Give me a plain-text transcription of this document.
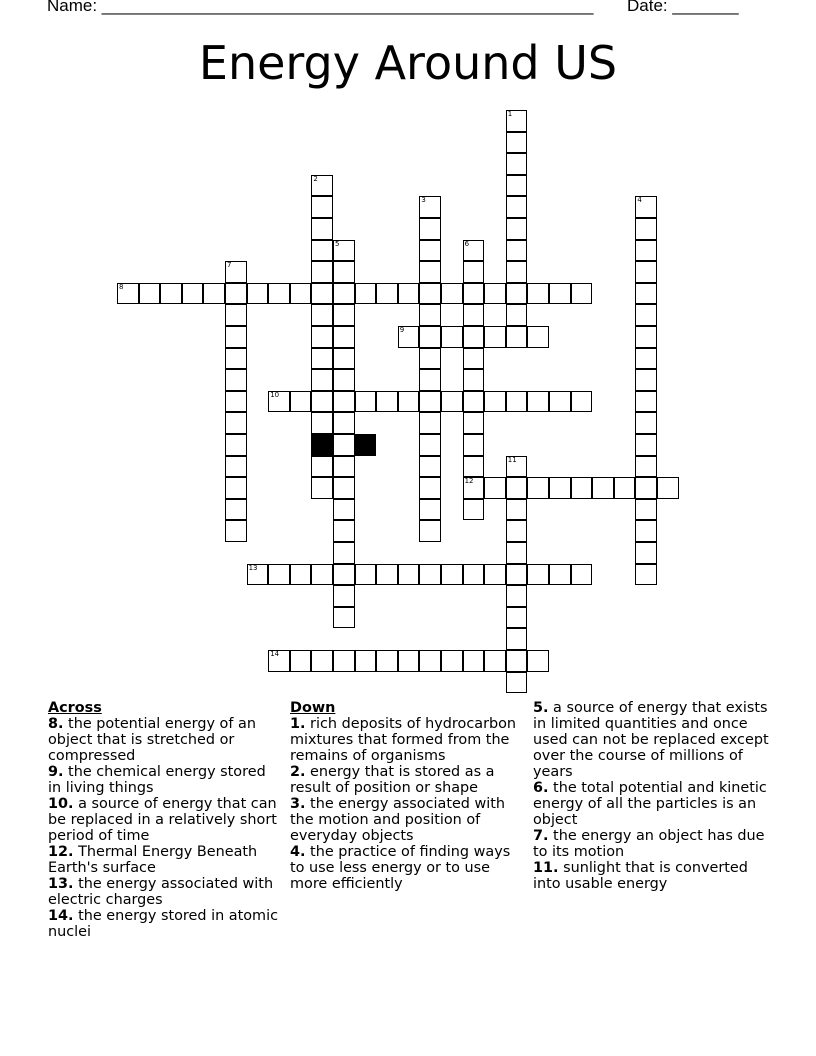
Name: ____________________________________________________ Date: _______
Energy Around US
1
2
3	4
5	6
12
7
8
9
10
11
13
14
Across
8. the potential energy of an object that is stretched or compressed
9. the chemical energy stored in living things
10. a source of energy that can be replaced in a relatively short period of time
12. Thermal Energy Beneath Earth's surface
13. the energy associated with electric charges
14. the energy stored in atomic nuclei
Down
1. rich deposits of hydrocarbon mixtures that formed from the remains of organisms
2. energy that is stored as a result of position or shape
3. the energy associated with the motion and position of everyday objects
4. the practice of finding ways to use less energy or to use more efficiently
5. a source of energy that exists in limited quantities and once used can not be replaced except over the course of millions of years
6. the total potential and kinetic energy of all the particles is an object
7. the energy an object has due to its motion
11. sunlight that is converted into usable energy
